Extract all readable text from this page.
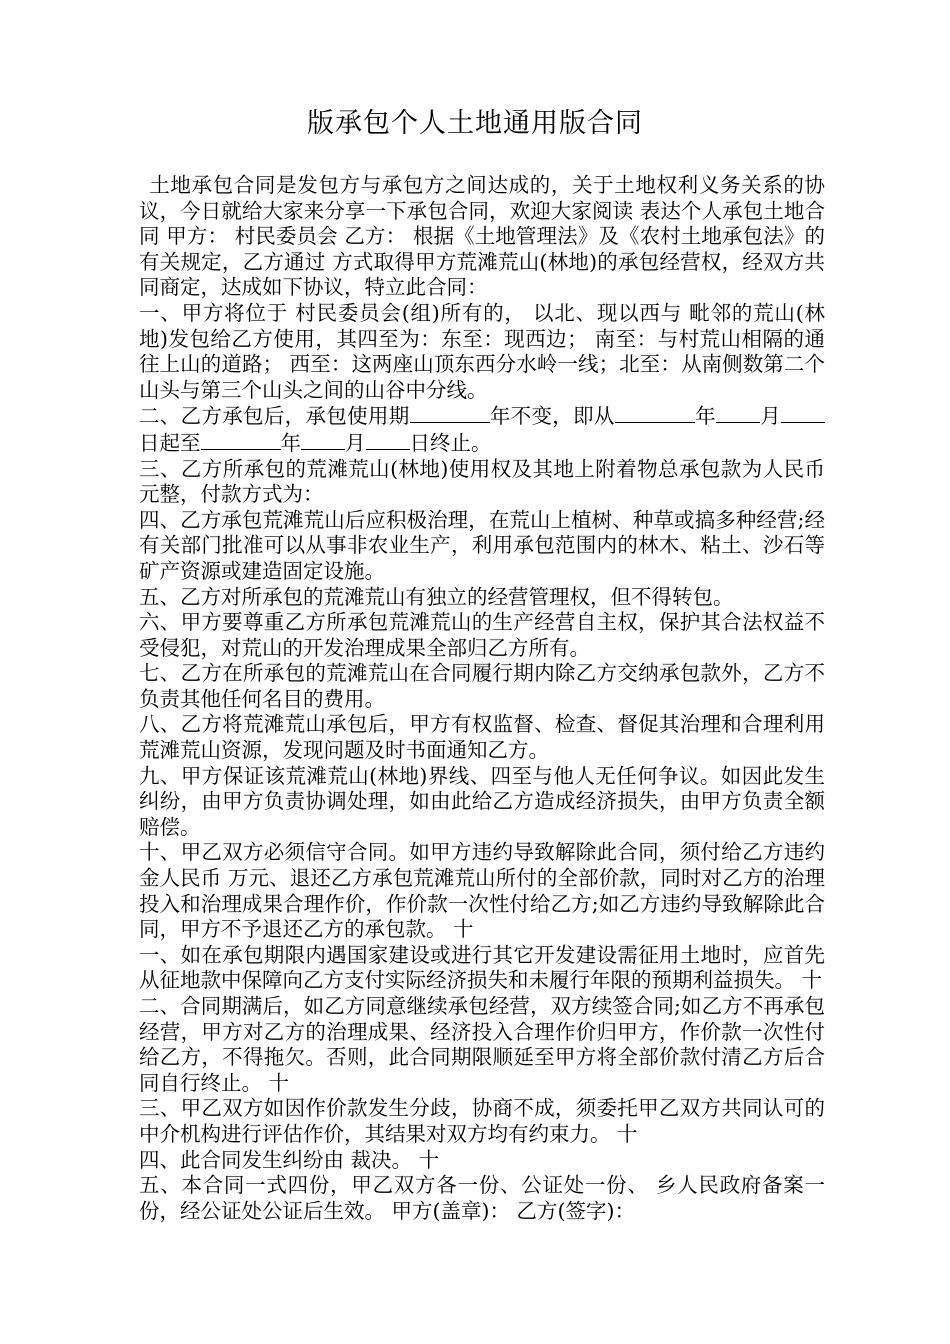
版承包个人土地通用版合同

土地承包合同是发包方与承包方之间达成的，关于土地权利义务关系的协议，今日就给大家来分享一下承包合同，欢迎大家阅读 表达个人承包土地合同 甲方： 村民委员会 乙方： 根据《土地管理法》及《农村土地承包法》的有关规定，乙方通过 方式取得甲方荒滩荒山(林地)的承包经营权，经双方共同商定，达成如下协议，特立此合同：

一、甲方将位于 村民委员会(组)所有的， 以北、现以西与 毗邻的荒山(林地)发包给乙方使用，其四至为：东至：现西边； 南至：与村荒山相隔的通往上山的道路； 西至：这两座山顶东西分水岭一线；北至：从南侧数第二个山头与第三个山头之间的山谷中分线。

二、乙方承包后，承包使用期	年不变，即从	年 月日起至	年 月 日终止。

三、乙方所承包的荒滩荒山(林地)使用权及其地上附着物总承包款为人民币元整，付款方式为：

四、乙方承包荒滩荒山后应积极治理，在荒山上植树、种草或搞多种经营;经有关部门批准可以从事非农业生产，利用承包范围内的林木、粘土、沙石等矿产资源或建造固定设施。

五、乙方对所承包的荒滩荒山有独立的经营管理权，但不得转包。

六、甲方要尊重乙方所承包荒滩荒山的生产经营自主权，保护其合法权益不受侵犯，对荒山的开发治理成果全部归乙方所有。

七、乙方在所承包的荒滩荒山在合同履行期内除乙方交纳承包款外，乙方不负责其他任何名目的费用。

八、乙方将荒滩荒山承包后，甲方有权监督、检查、督促其治理和合理利用荒滩荒山资源，发现问题及时书面通知乙方。

九、甲方保证该荒滩荒山(林地)界线、四至与他人无任何争议。如因此发生纠纷，由甲方负责协调处理，如由此给乙方造成经济损失，由甲方负责全额赔偿。

十、甲乙双方必须信守合同。如甲方违约导致解除此合同，须付给乙方违约金人民币 万元、退还乙方承包荒滩荒山所付的全部价款，同时对乙方的治理投入和治理成果合理作价，作价款一次性付给乙方;如乙方违约导致解除此合同，甲方不予退还乙方的承包款。 十

一、如在承包期限内遇国家建设或进行其它开发建设需征用土地时，应首先从征地款中保障向乙方支付实际经济损失和未履行年限的预期利益损失。 十

二、合同期满后，如乙方同意继续承包经营，双方续签合同;如乙方不再承包经营，甲方对乙方的治理成果、经济投入合理作价归甲方，作价款一次性付给乙方，不得拖欠。否则，此合同期限顺延至甲方将全部价款付清乙方后合同自行终止。 十

三、甲乙双方如因作价款发生分歧，协商不成，须委托甲乙双方共同认可的中介机构进行评估作价，其结果对双方均有约束力。 十

四、此合同发生纠纷由 裁决。 十

五、本合同一式四份，甲乙双方各一份、公证处一份、 乡人民政府备案一份，经公证处公证后生效。 甲方(盖章)： 乙方(签字)：
